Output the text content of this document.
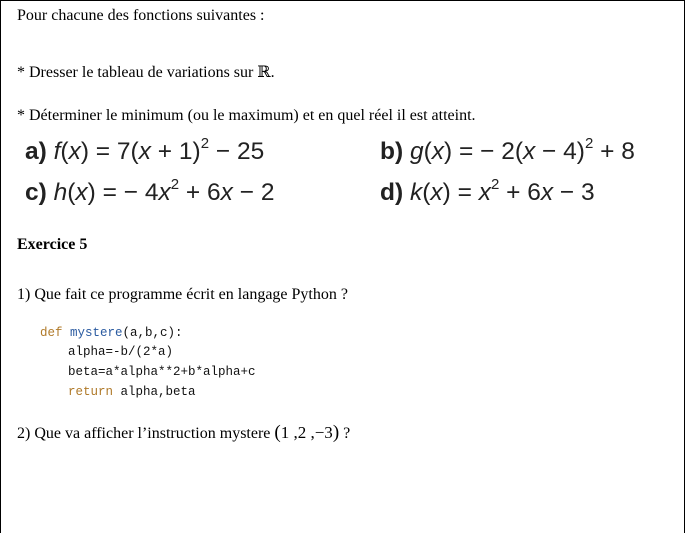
Pour chacune des fonctions suivantes :
* Dresser le tableau de variations sur ℝ.
* Déterminer le minimum (ou le maximum) et en quel réel il est atteint.
a) $f(x) = 7(x + 1)^2 - 25$	b) g(x) = − $2(x - 4)^2 + 8$
c) h(x) = − $4x^2 + 6x - 2$	d) $k(x) = x^2 + 6x - 3$
Exercice 5
1) Que fait ce programme écrit en langage Python ?
def mystere(a,b,c):
alpha=-b/(2*a)
beta=a*alpha**2+b*alpha+c
return alpha,beta
2) Que va afficher l’instruction mystere (1 ,2 ,−3) ?
